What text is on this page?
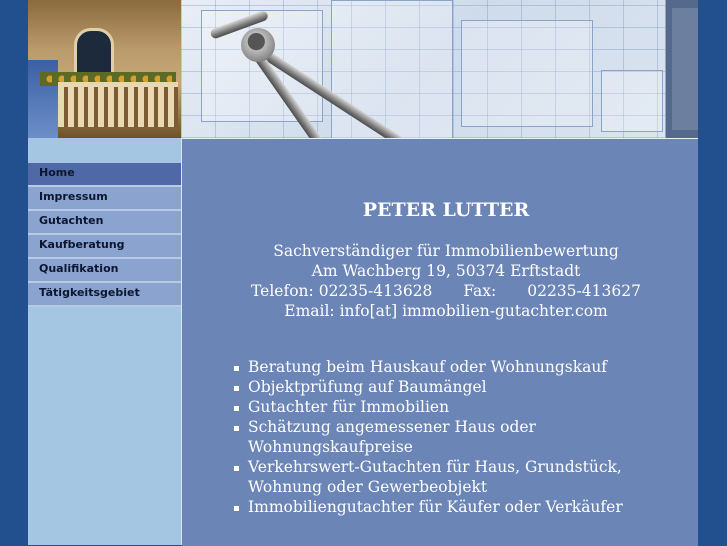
Home
Impressum
Gutachten
Kaufberatung
Qualifikation
Tätigkeitsgebiet
PETER LUTTER
Sachverständiger für Immobilienbewertung
Am Wachberg 19, 50374 Erftstadt
Telefon: 02235-413628 Fax: 02235-413627
Email: info[at] immobilien-gutachter.com
Beratung beim Hauskauf oder Wohnungskauf
Objektprüfung auf Baumängel
Gutachter für Immobilien
Schätzung angemessener Haus oder Wohnungskaufpreise
Verkehrswert-Gutachten für Haus, Grundstück, Wohnung oder Gewerbeobjekt
Immobiliengutachter für Käufer oder Verkäufer
